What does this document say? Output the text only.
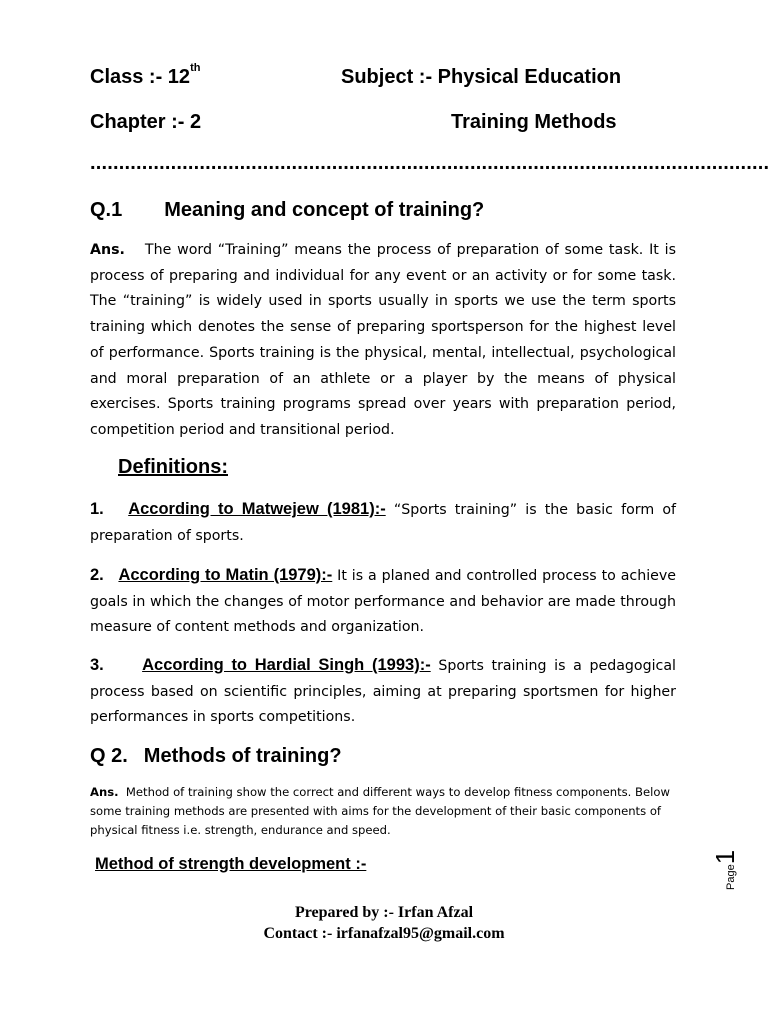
Class :- 12th	Subject :- Physical Education
Chapter :- 2	Training Methods
......................................................................................................................
Q.1 Meaning and concept of training?
Ans. The word “Training” means the process of preparation of some task. It is process of preparing and individual for any event or an activity or for some task. The “training” is widely used in sports usually in sports we use the term sports training which denotes the sense of preparing sportsperson for the highest level of performance. Sports training is the physical, mental, intellectual, psychological and moral preparation of an athlete or a player by the means of physical exercises. Sports training programs spread over years with preparation period, competition period and transitional period.
Definitions:
1. According to Matwejew (1981):- “Sports training” is the basic form of preparation of sports.
2. According to Matin (1979):- It is a planed and controlled process to achieve goals in which the changes of motor performance and behavior are made through measure of content methods and organization.
3. According to Hardial Singh (1993):- Sports training is a pedagogical process based on scientific principles, aiming at preparing sportsmen for higher performances in sports competitions.
Q 2. Methods of training?
Ans. Method of training show the correct and different ways to develop fitness components. Below some training methods are presented with aims for the development of their basic components of physical fitness i.e. strength, endurance and speed.
Method of strength development :-
Page1
Prepared by :- Irfan Afzal
Contact :- irfanafzal95@gmail.com
